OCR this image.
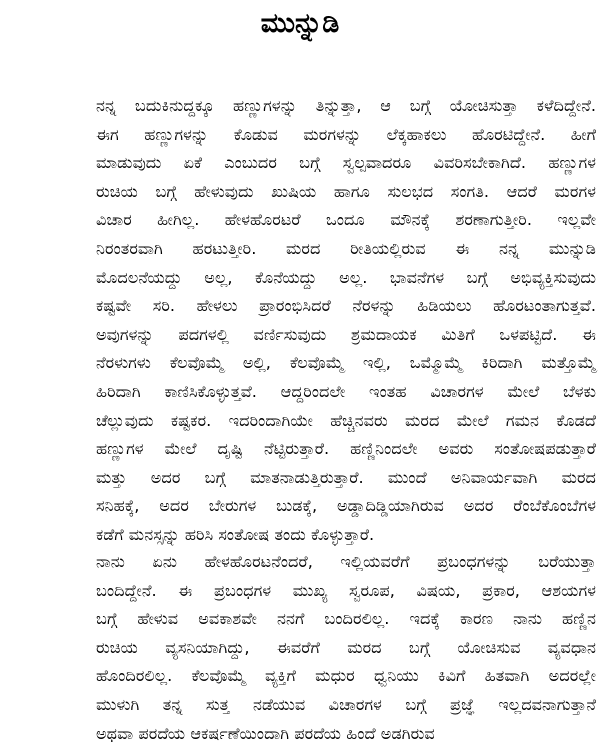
ಮುನ್ನುಡಿ
ನನ್ನ ಬದುಕಿನುದ್ದಕ್ಕೂ ಹಣ್ಣುಗಳನ್ನು ತಿನ್ನುತ್ತಾ, ಆ ಬಗ್ಗೆ ಯೋಚಿಸುತ್ತಾ ಕಳೆದಿದ್ದೇನೆ.
ಈಗ ಹಣ್ಣುಗಳನ್ನು ಕೊಡುವ ಮರಗಳನ್ನು ಲೆಕ್ಕಹಾಕಲು ಹೊರಟಿದ್ದೇನೆ. ಹೀಗೆ
ಮಾಡುವುದು ಏಕೆ ಎಂಬುದರ ಬಗ್ಗೆ ಸ್ವಲ್ಪವಾದರೂ ವಿವರಿಸಬೇಕಾಗಿದೆ. ಹಣ್ಣುಗಳ
ರುಚಿಯ ಬಗ್ಗೆ ಹೇಳುವುದು ಖುಷಿಯ ಹಾಗೂ ಸುಲಭದ ಸಂಗತಿ. ಆದರೆ ಮರಗಳ
ವಿಚಾರ ಹೀಗಿಲ್ಲ. ಹೇಳಹೊರಟರೆ ಒಂದೂ ಮೌನಕ್ಕೆ ಶರಣಾಗುತ್ತೀರಿ. ಇಲ್ಲವೇ
ನಿರಂತರವಾಗಿ ಹರಟುತ್ತೀರಿ. ಮರದ ರೀತಿಯಲ್ಲಿರುವ ಈ ನನ್ನ ಮುನ್ನುಡಿ
ಮೊದಲನೆಯದ್ದು ಅಲ್ಲ, ಕೊನೆಯದ್ದು ಅಲ್ಲ. ಭಾವನೆಗಳ ಬಗ್ಗೆ ಅಭಿವ್ಯಕ್ತಿಸುವುದು
ಕಷ್ಟವೇ ಸರಿ. ಹೇಳಲು ಪ್ರಾರಂಭಿಸಿದರೆ ನೆರಳನ್ನು ಹಿಡಿಯಲು ಹೊರಟಂತಾಗುತ್ತವೆ.
ಅವುಗಳನ್ನು ಪದಗಳಲ್ಲಿ ವರ್ಣಿಸುವುದು ಶ್ರಮದಾಯಕ ಮಿತಿಗೆ ಒಳಪಟ್ಟಿದೆ. ಈ
ನೆರಳುಗಳು ಕೆಲವೊಮ್ಮೆ ಅಲ್ಲಿ, ಕೆಲವೊಮ್ಮೆ ಇಲ್ಲಿ, ಒಮ್ಮೊಮ್ಮೆ ಕಿರಿದಾಗಿ ಮತ್ತೊಮ್ಮೆ
ಹಿರಿದಾಗಿ ಕಾಣಿಸಿಕೊಳ್ಳುತ್ತವೆ. ಆದ್ದರಿಂದಲೇ ಇಂತಹ ವಿಚಾರಗಳ ಮೇಲೆ ಬೆಳಕು
ಚೆಲ್ಲುವುದು ಕಷ್ಟಕರ. ಇದರಿಂದಾಗಿಯೇ ಹೆಚ್ಚಿನವರು ಮರದ ಮೇಲೆ ಗಮನ ಕೊಡದೆ
ಹಣ್ಣುಗಳ ಮೇಲೆ ದೃಷ್ಟಿ ನೆಟ್ಟಿರುತ್ತಾರೆ. ಹಣ್ಣಿನಿಂದಲೇ ಅವರು ಸಂತೋಷಪಡುತ್ತಾರೆ
ಮತ್ತು ಅದರ ಬಗ್ಗೆ ಮಾತನಾಡುತ್ತಿರುತ್ತಾರೆ. ಮುಂದೆ ಅನಿವಾರ್ಯವಾಗಿ ಮರದ
ಸನಿಹಕ್ಕೆ, ಅದರ ಬೇರುಗಳ ಬುಡಕ್ಕೆ, ಅಡ್ಡಾದಿಡ್ಡಿಯಾಗಿರುವ ಅದರ ರೆಂಬೆಕೊಂಬೆಗಳ
ಕಡೆಗೆ ಮನಸ್ಸನ್ನು ಹರಿಸಿ ಸಂತೋಷ ತಂದು ಕೊಳ್ಳುತ್ತಾರೆ.
ನಾನು ಏನು ಹೇಳಹೊರಟನೆಂದರೆ, ಇಲ್ಲಿಯವರೆಗೆ ಪ್ರಬಂಧಗಳನ್ನು ಬರೆಯುತ್ತಾ
ಬಂದಿದ್ದೇನೆ. ಈ ಪ್ರಬಂಧಗಳ ಮುಖ್ಯ ಸ್ವರೂಪ, ವಿಷಯ, ಪ್ರಕಾರ, ಆಶಯಗಳ
ಬಗ್ಗೆ ಹೇಳುವ ಅವಕಾಶವೇ ನನಗೆ ಬಂದಿರಲಿಲ್ಲ. ಇದಕ್ಕೆ ಕಾರಣ ನಾನು ಹಣ್ಣಿನ
ರುಚಿಯ ವ್ಯಸನಿಯಾಗಿದ್ದು, ಈವರೆಗೆ ಮರದ ಬಗ್ಗೆ ಯೋಚಿಸುವ ವ್ಯವಧಾನ
ಹೊಂದಿರಲಿಲ್ಲ. ಕೆಲವೊಮ್ಮೆ ವ್ಯಕ್ತಿಗೆ ಮಧುರ ಧ್ವನಿಯು ಕಿವಿಗೆ ಹಿತವಾಗಿ ಅದರಲ್ಲೇ
ಮುಳುಗಿ ತನ್ನ ಸುತ್ತ ನಡೆಯುವ ವಿಚಾರಗಳ ಬಗ್ಗೆ ಪ್ರಜ್ಞೆ ಇಲ್ಲದವನಾಗುತ್ತಾನೆ
ಅಥವಾ ಪರದೆಯ ಆಕರ್ಷಣೆಯಿಂದಾಗಿ ಪರದೆಯ ಹಿಂದೆ ಅಡಗಿರುವ
